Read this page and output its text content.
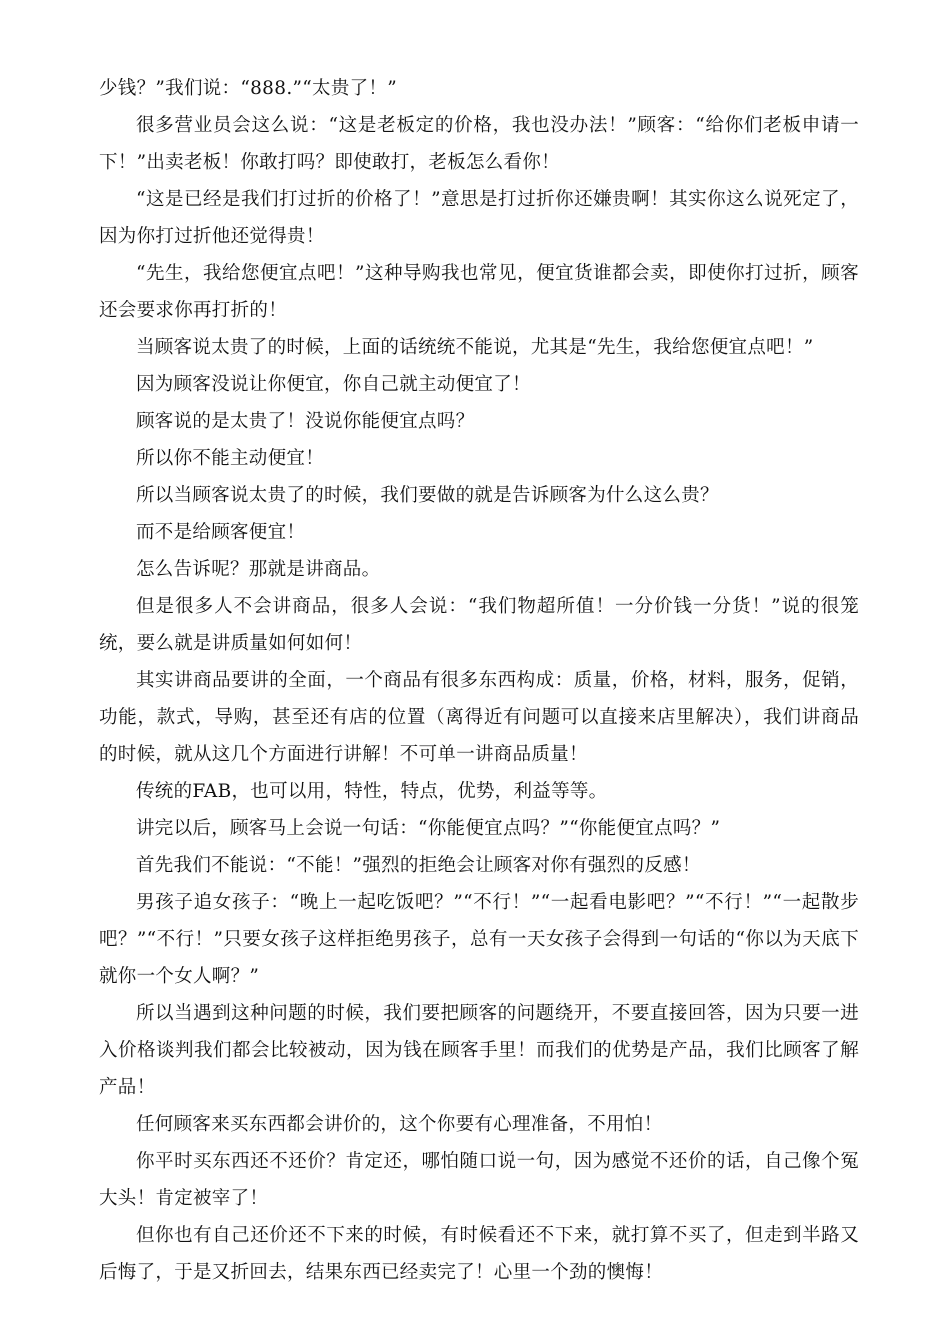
少钱？”我们说：“888.”“太贵了！”

很多营业员会这么说：“这是老板定的价格，我也没办法！”顾客：“给你们老板申请一下！”出卖老板！你敢打吗？即使敢打，老板怎么看你！

“这是已经是我们打过折的价格了！”意思是打过折你还嫌贵啊！其实你这么说死定了，因为你打过折他还觉得贵！

“先生，我给您便宜点吧！”这种导购我也常见，便宜货谁都会卖，即使你打过折，顾客还会要求你再打折的！

当顾客说太贵了的时候，上面的话统统不能说，尤其是“先生，我给您便宜点吧！”

因为顾客没说让你便宜，你自己就主动便宜了！

顾客说的是太贵了！没说你能便宜点吗？

所以你不能主动便宜！

所以当顾客说太贵了的时候，我们要做的就是告诉顾客为什么这么贵？

而不是给顾客便宜！

怎么告诉呢？那就是讲商品。

但是很多人不会讲商品，很多人会说：“我们物超所值！一分价钱一分货！”说的很笼统，要么就是讲质量如何如何！

其实讲商品要讲的全面，一个商品有很多东西构成：质量，价格，材料，服务，促销，功能，款式，导购，甚至还有店的位置（离得近有问题可以直接来店里解决），我们讲商品的时候，就从这几个方面进行讲解！不可单一讲商品质量！

传统的FAB，也可以用，特性，特点，优势，利益等等。

讲完以后，顾客马上会说一句话：“你能便宜点吗？”“你能便宜点吗？”

首先我们不能说：“不能！”强烈的拒绝会让顾客对你有强烈的反感！

男孩子追女孩子：“晚上一起吃饭吧？”“不行！”“一起看电影吧？”“不行！”“一起散步吧？”“不行！”只要女孩子这样拒绝男孩子，总有一天女孩子会得到一句话的“你以为天底下就你一个女人啊？”

所以当遇到这种问题的时候，我们要把顾客的问题绕开，不要直接回答，因为只要一进入价格谈判我们都会比较被动，因为钱在顾客手里！而我们的优势是产品，我们比顾客了解产品！

任何顾客来买东西都会讲价的，这个你要有心理准备，不用怕！

你平时买东西还不还价？肯定还，哪怕随口说一句，因为感觉不还价的话，自己像个冤大头！肯定被宰了！

但你也有自己还价还不下来的时候，有时候看还不下来，就打算不买了，但走到半路又后悔了，于是又折回去，结果东西已经卖完了！心里一个劲的懊悔！
